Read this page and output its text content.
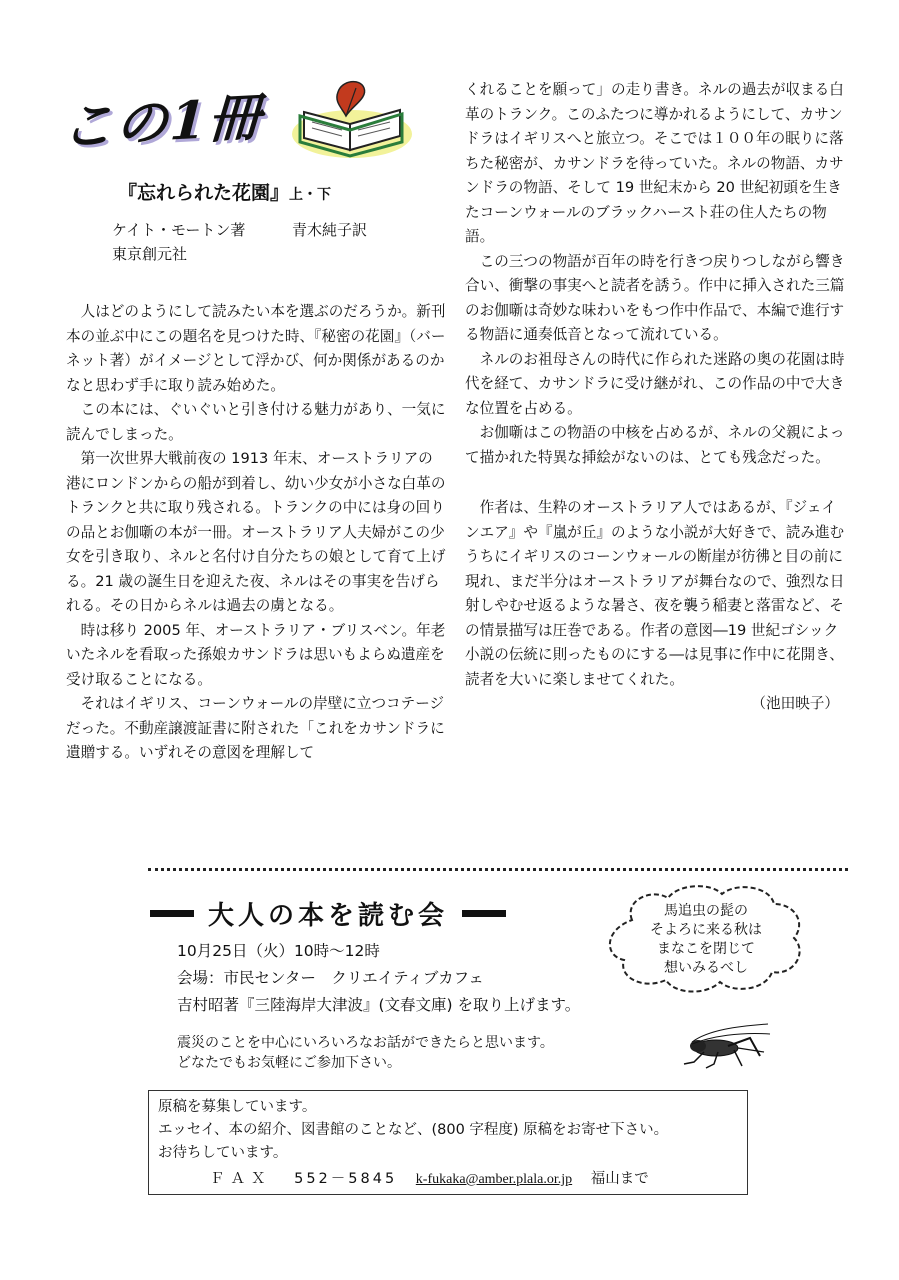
この1冊
『忘れられた花園』上・下
ケイト・モートン著	青木純子訳
東京創元社

人はどのようにして読みたい本を選ぶのだろうか。新刊本の並ぶ中にこの題名を見つけた時、『秘密の花園』（バーネット著）がイメージとして浮かび、何か関係があるのかなと思わず手に取り読み始めた。

この本には、ぐいぐいと引き付ける魅力があり、一気に読んでしまった。

第一次世界大戦前夜の 1913 年末、オーストラリアの港にロンドンからの船が到着し、幼い少女が小さな白革のトランクと共に取り残される。トランクの中には身の回りの品とお伽噺の本が一冊。オーストラリア人夫婦がこの少女を引き取り、ネルと名付け自分たちの娘として育て上げる。21 歳の誕生日を迎えた夜、ネルはその事実を告げられる。その日からネルは過去の虜となる。

時は移り 2005 年、オーストラリア・ブリスベン。年老いたネルを看取った孫娘カサンドラは思いもよらぬ遺産を受け取ることになる。

それはイギリス、コーンウォールの岸壁に立つコテージだった。不動産譲渡証書に附された「これをカサンドラに遺贈する。いずれその意図を理解して

くれることを願って」の走り書き。ネルの過去が収まる白革のトランク。このふたつに導かれるようにして、カサンドラはイギリスへと旅立つ。そこでは１００年の眠りに落ちた秘密が、カサンドラを待っていた。ネルの物語、カサンドラの物語、そして 19 世紀末から 20 世紀初頭を生きたコーンウォールのブラックハースト荘の住人たちの物語。

この三つの物語が百年の時を行きつ戻りつしながら響き合い、衝撃の事実へと読者を誘う。作中に挿入された三篇のお伽噺は奇妙な味わいをもつ作中作品で、本編で進行する物語に通奏低音となって流れている。

ネルのお祖母さんの時代に作られた迷路の奥の花園は時代を経て、カサンドラに受け継がれ、この作品の中で大きな位置を占める。

お伽噺はこの物語の中核を占めるが、ネルの父親によって描かれた特異な挿絵がないのは、とても残念だった。

作者は、生粋のオーストラリア人ではあるが、『ジェインエア』や『嵐が丘』のような小説が大好きで、読み進むうちにイギリスのコーンウォールの断崖が彷彿と目の前に現れ、まだ半分はオーストラリアが舞台なので、強烈な日射しやむせ返るような暑さ、夜を襲う稲妻と落雷など、その情景描写は圧巻である。作者の意図―19 世紀ゴシック小説の伝統に則ったものにする―は見事に作中に花開き、読者を大いに楽しませてくれた。

（池田映子）
大人の本を読む会
10月25日（火）10時～12時
会場：市民センター　クリエイティブカフェ
吉村昭著『三陸海岸大津波』(文春文庫) を取り上げます。
震災のことを中心にいろいろなお話ができたらと思います。
どなたでもお気軽にご参加下さい。
馬追虫の髭の
そよろに来る秋は
まなこを閉じて
想いみるべし
原稿を募集しています。
エッセイ、本の紹介、図書館のことなど、(800 字程度) 原稿をお寄せ下さい。
お待ちしています。
ＦＡＸ 552－5845 k-fukaka@amber.plala.or.jp 福山まで
